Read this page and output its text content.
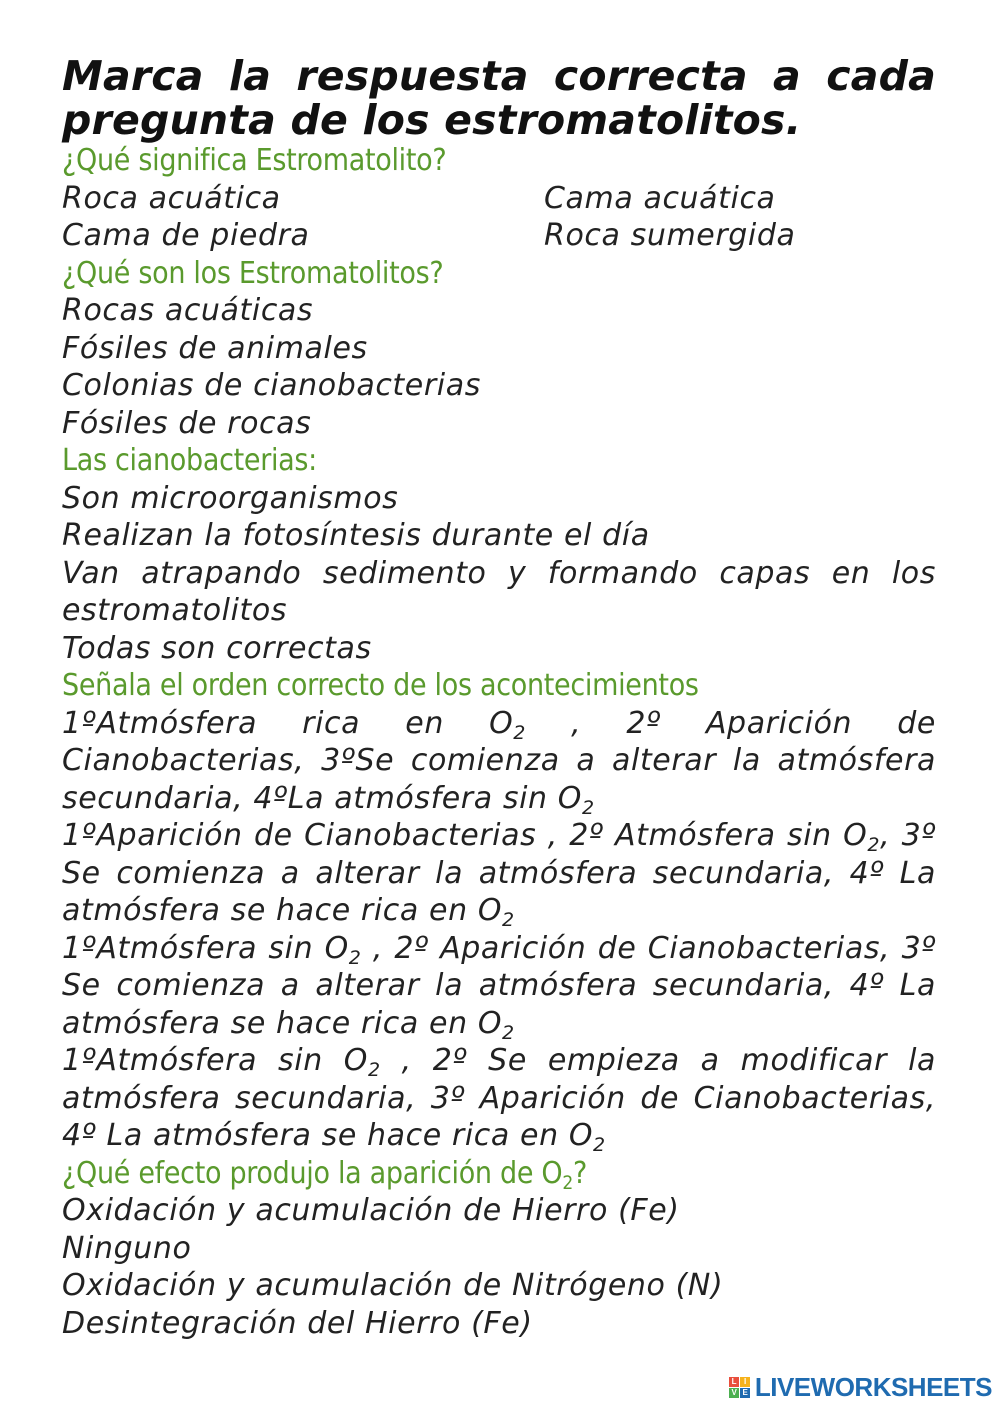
Marca la respuesta correcta a cada
pregunta de los estromatolitos.

¿Qué significa Estromatolito?

Roca acuática	Cama acuática

Cama de piedra	Roca sumergida

¿Qué son los Estromatolitos?

Rocas acuáticas

Fósiles de animales

Colonias de cianobacterias

Fósiles de rocas

Las cianobacterias:

Son microorganismos

Realizan la fotosíntesis durante el día

Van atrapando sedimento y formando capas en los estromatolitos

Todas son correctas

Señala el orden correcto de los acontecimientos

1ºAtmósfera rica en $O_2$ , 2º Aparición de Cianobacterias, 3ºSe comienza a alterar la atmósfera secundaria, 4ºLa atmósfera $\sin O_2$

1ºAparición de Cianobacterias , 2º Atmósfera $\sin O_2$, 3º Se comienza a alterar la atmósfera secundaria, 4º La atmósfera se hace rica en $O_2$

1ºAtmósfera $\sin O_2$ , 2º Aparición de Cianobacterias, 3º Se comienza a alterar la atmósfera secundaria, 4º La atmósfera se hace rica en $O_2$

1ºAtmósfera $\sin O_2$ , 2º Se empieza a modificar la atmósfera secundaria, 3º Aparición de Cianobacterias, 4º La atmósfera se hace rica en $O_2$

¿Qué efecto produjo la aparición de $O_2$?

Oxidación y acumulación de Hierro (Fe)

Ninguno

Oxidación y acumulación de Nitrógeno (N)

Desintegración del Hierro (Fe)

L I
V E LIVEWORKSHEETS
